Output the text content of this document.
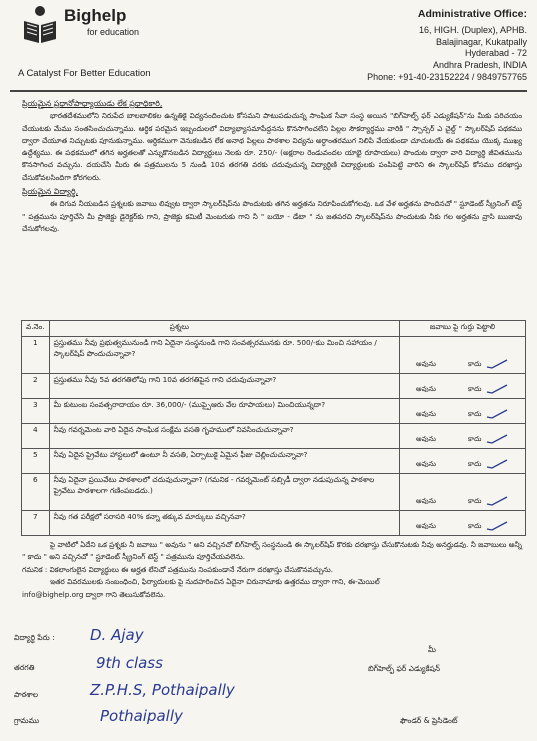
Bighelp
for education
A Catalyst For Better Education
Administrative Office:
16, HIGH. (Duplex), APHB.
Balajinagar, Kukatpally
Hyderabad - 72
Andhra Pradesh, INDIA
Phone: +91-40-23152224 / 9849757765

ప్రియమైన ప్రధానోపాధ్యాయుడు లేక ప్రధాధికారి,

భారతదేశములోని నిరుపేద బాలబాలికల ఉన్నతికై విద్యనందించుట కోసమని పాటుపడుచున్న సాంఘిక సేవా సంస్థ అయిన "బిగ్‌హెల్ఫ్ ఫర్ ఎడ్యుకేషన్"ను మీకు పరిచయం చేయుటకు మేము సంతసించుచున్నాము. ఆర్థిక పరమైన ఇబ్బందులలో విద్యాభ్యాసమాపేద్దనను కొనసాగించలేని పిల్లల సౌకర్యార్థము వారికి " స్పాన్సర్ ఎ చైల్డ్ " స్కాలర్‌షిప్ పథకము ద్వారా చేయూత నిచ్చుటకు పూనుకున్నాము. ఆర్థికముగా వెనుకబడిన లేక అనాథ పిల్లలు పాఠశాల విద్యను అర్ధాంతరముగ నిలిపి వేయకుండా చూచుటయే ఈ పథకము యొక్క ముఖ్య ఉద్దేశ్యము. ఈ పథకములో తగిన అర్హతలతో ఎన్నుకొనబడిన విద్యార్థులు నెలకు రూ. 250/- (అక్షరాల రెండువందల యాభై రూపాయలు) పొందుట ద్వారా వారి విద్యార్థి జీవితమును కొనసాగించ వచ్చును. దయచేసి మీరు ఈ పత్రములను 5 నుండి 10వ తరగతి వరకు చదువుచున్న విద్యార్థిణి విద్యార్థులకు పంపిపెట్టి వారిని ఈ స్కాలర్‌షిప్ కోసము దరఖాస్తు చేసుకోవలసిందిగా కోరగలరు.

ప్రియమైన విద్యార్థి,

ఈ దిగువ నీయబడిన ప్రశ్నలకు జవాబు లివ్వుట ద్వారా స్కాలర్‌షిప్‌ను పొందుటకు తగిన అర్హతను నిరూపించుకోగలవు. ఒక వేళ అర్హతను పొందినచో " స్టూడెంట్ స్క్రీనింగ్ టెస్ట్ " పత్రమును పూర్తిచేసి మీ ప్రాజెక్టు డైరెక్టర్‌కు గాని, ప్రాజెక్టు కమిటీ మెంబరుకు గాని నీ " బయో - డేటా " ను జతపరచి స్కాలర్‌షిప్‌ను పొందుటకు నీకు గల అర్హతను వ్రాసి ఋజువు చేసుకోగలవు.

వ.నెం.	ప్రశ్నలు	జవాబు పై గుర్తు పెట్టాలి
1	ప్రస్తుతము నీవు ప్రభుత్వమునుండి గాని ఏదైనా సంస్థనుండి గాని సంవత్సరమునకు రూ. 500/-కుు మించి సహాయం / స్కాలర్‌షిప్ పొందుచున్నావా?	అవును కాదు

2	ప్రస్తుతము నీవు 5వ తరగతిలోపు గాని 10వ తరగతిపైన గాని చదువుచున్నావా?	అవును కాదు

3	మీ కుటుంబ సంవత్సరాదాయం రూ. 36,000/- (ముప్పైఆరు వేల రూపాయలు) మించియున్నదా?	అవును కాదు

4	నీవు గవర్నమెంట వారి ఏదైన సాంఘిక సంక్షేమ వసతి గృహములో నివసించుచున్నావా?	అవును కాదు

5	నీవు ఏదైన ప్రైవేటు హాస్టలులో ఉంటూ నీ వసతి, ఏర్పాటుకై ఏమైన ఫీజు చెల్లించుచున్నావా?	అవును కాదు

6	నీవు ఏదైనా ప్రయివేటు పాఠశాలలో చదువుచున్నావా? (గమనిక - గవర్నమెంట్ సబ్సిడీ ద్వారా నడుపుచున్న పాఠశాల ప్రైవేటు పాఠశాలగా గణింపబడదు.)	అవును కాదు

7	నీవు గత పరీక్షలో సరాసరి 40% కన్నా తక్కువ మార్కులు వచ్చినవా?	అవును కాదు

పై వాటిలో ఏదేని ఒక ప్రశ్నకు నీ జవాబు " అవును " అని వచ్చినచో బిగ్‌హెల్ఫ్ సంస్థనుండి ఈ స్కాలర్‌షిప్ కొరకు దరఖాస్తు చేసుకొనుటకు నీవు అనర్హుడవు. నీ జవాబులు అన్నీ " కాదు " అని వచ్చినచో " స్టూడెంట్ స్క్రీనింగ్ టెస్ట్ " పత్రమును పూర్తిచేయవలెను.

గమనిక : వికలాంగులైన విద్యార్థులు ఈ అర్హత లేనిచో పత్రమును నింపకుండానే నేరుగా దరఖాస్తు చేసుకొనవచ్చును.

ఇతర వివరములకు సంబంధించి, ఫిర్యాదులకు పై నుదహరించిన ఏదైనా చిరునామాకు ఉత్తరము ద్వారా గాని, ఈ-మెయిల్

info@bighelp.org ద్వారా గాని తెలుసుకోవలెను.

విద్యార్థి పేరు : D. Ajay
తరగతి	9th class
పాఠశాల	Z.P.H.S, Pothaipally
గ్రామము	Pothaipally
మీ
బిగ్‌హెల్ఫ్ ఫర్ ఎడ్యుకేషన్
ఫౌండర్ & ప్రెసిడెంట్
